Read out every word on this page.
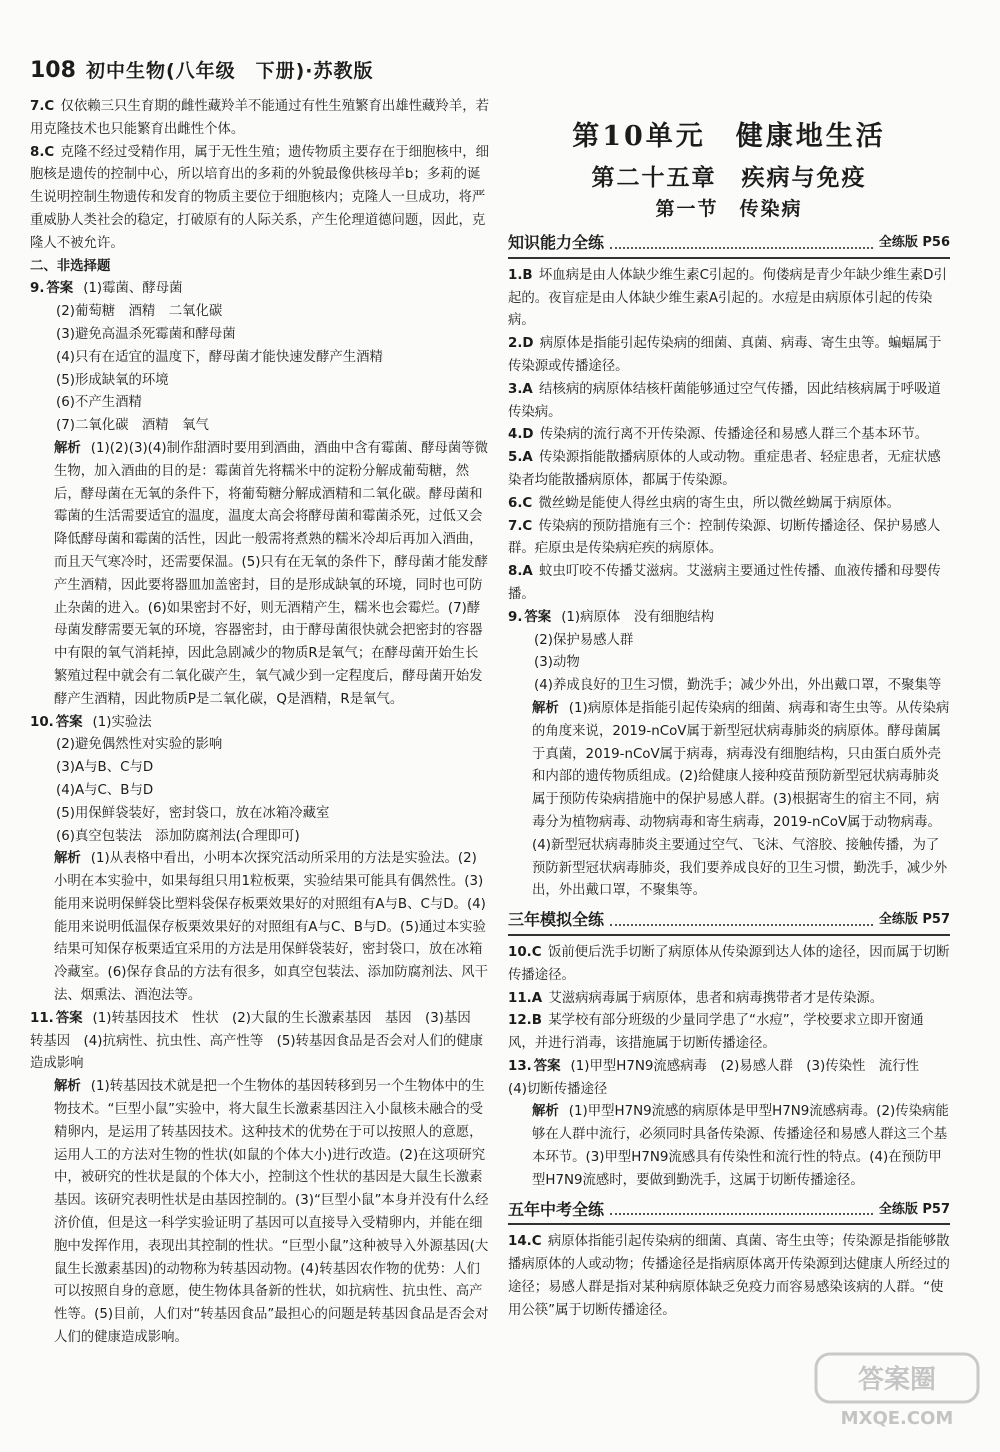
108 初中生物(八年级　下册)·苏教版

7.C 仅依赖三只生育期的雌性藏羚羊不能通过有性生殖繁育出雄性藏羚羊，若用克隆技术也只能繁育出雌性个体。

8.C 克隆不经过受精作用，属于无性生殖；遗传物质主要存在于细胞核中，细胞核是遗传的控制中心，所以培育出的多莉的外貌最像供核母羊b；多莉的诞生说明控制生物遗传和发育的物质主要位于细胞核内；克隆人一旦成功，将严重威胁人类社会的稳定，打破原有的人际关系，产生伦理道德问题，因此，克隆人不被允许。

二、非选择题

9. 答案 (1)霉菌、酵母菌

(2)葡萄糖　酒精　二氧化碳

(3)避免高温杀死霉菌和酵母菌

(4)只有在适宜的温度下，酵母菌才能快速发酵产生酒精

(5)形成缺氧的环境

(6)不产生酒精

(7)二氧化碳　酒精　氧气

解析 (1)(2)(3)(4)制作甜酒时要用到酒曲，酒曲中含有霉菌、酵母菌等微生物，加入酒曲的目的是：霉菌首先将糯米中的淀粉分解成葡萄糖，然后，酵母菌在无氧的条件下，将葡萄糖分解成酒精和二氧化碳。酵母菌和霉菌的生活需要适宜的温度，温度太高会将酵母菌和霉菌杀死，过低又会降低酵母菌和霉菌的活性，因此一般需将煮熟的糯米冷却后再加入酒曲，而且天气寒冷时，还需要保温。(5)只有在无氧的条件下，酵母菌才能发酵产生酒精，因此要将器皿加盖密封，目的是形成缺氧的环境，同时也可防止杂菌的进入。(6)如果密封不好，则无酒精产生，糯米也会霉烂。(7)酵母菌发酵需要无氧的环境，容器密封，由于酵母菌很快就会把密封的容器中有限的氧气消耗掉，因此急剧减少的物质R是氧气；在酵母菌开始生长繁殖过程中就会有二氧化碳产生，氧气减少到一定程度后，酵母菌开始发酵产生酒精，因此物质P是二氧化碳，Q是酒精，R是氧气。

10. 答案 (1)实验法

(2)避免偶然性对实验的影响

(3)A与B、C与D

(4)A与C、B与D

(5)用保鲜袋装好，密封袋口，放在冰箱冷藏室

(6)真空包装法　添加防腐剂法(合理即可)

解析 (1)从表格中看出，小明本次探究活动所采用的方法是实验法。(2)小明在本实验中，如果每组只用1粒板栗，实验结果可能具有偶然性。(3)能用来说明保鲜袋比塑料袋保存板栗效果好的对照组有A与B、C与D。(4)能用来说明低温保存板栗效果好的对照组有A与C、B与D。(5)通过本实验结果可知保存板栗适宜采用的方法是用保鲜袋装好，密封袋口，放在冰箱冷藏室。(6)保存食品的方法有很多，如真空包装法、添加防腐剂法、风干法、烟熏法、酒泡法等。

11. 答案 (1)转基因技术　性状　(2)大鼠的生长激素基因　基因　(3)基因　转基因　(4)抗病性、抗虫性、高产性等　(5)转基因食品是否会对人们的健康造成影响

解析 (1)转基因技术就是把一个生物体的基因转移到另一个生物体中的生物技术。“巨型小鼠”实验中，将大鼠生长激素基因注入小鼠核未融合的受精卵内，是运用了转基因技术。这种技术的优势在于可以按照人的意愿，运用人工的方法对生物的性状(如鼠的个体大小)进行改造。(2)在这项研究中，被研究的性状是鼠的个体大小，控制这个性状的基因是大鼠生长激素基因。该研究表明性状是由基因控制的。(3)“巨型小鼠”本身并没有什么经济价值，但是这一科学实验证明了基因可以直接导入受精卵内，并能在细胞中发挥作用，表现出其控制的性状。“巨型小鼠”这种被导入外源基因(大鼠生长激素基因)的动物称为转基因动物。(4)转基因农作物的优势：人们可以按照自身的意愿，使生物体具备新的性状，如抗病性、抗虫性、高产性等。(5)目前，人们对“转基因食品”最担心的问题是转基因食品是否会对人们的健康造成影响。

第10单元　健康地生活
第二十五章　疾病与免疫
第一节　传染病
知识能力全练	全练版 P56

1.B 坏血病是由人体缺少维生素C引起的。佝偻病是青少年缺少维生素D引起的。夜盲症是由人体缺少维生素A引起的。水痘是由病原体引起的传染病。

2.D 病原体是指能引起传染病的细菌、真菌、病毒、寄生虫等。蝙蝠属于传染源或传播途径。

3.A 结核病的病原体结核杆菌能够通过空气传播，因此结核病属于呼吸道传染病。

4.D 传染病的流行离不开传染源、传播途径和易感人群三个基本环节。

5.A 传染源指能散播病原体的人或动物。重症患者、轻症患者，无症状感染者均能散播病原体，都属于传染源。

6.C 微丝蚴是能使人得丝虫病的寄生虫，所以微丝蚴属于病原体。

7.C 传染病的预防措施有三个：控制传染源、切断传播途径、保护易感人群。疟原虫是传染病疟疾的病原体。

8.A 蚊虫叮咬不传播艾滋病。艾滋病主要通过性传播、血液传播和母婴传播。

9. 答案 (1)病原体　没有细胞结构

(2)保护易感人群

(3)动物

(4)养成良好的卫生习惯，勤洗手；减少外出，外出戴口罩，不聚集等

解析 (1)病原体是指能引起传染病的细菌、病毒和寄生虫等。从传染病的角度来说，2019-nCoV属于新型冠状病毒肺炎的病原体。酵母菌属于真菌，2019-nCoV属于病毒，病毒没有细胞结构，只由蛋白质外壳和内部的遗传物质组成。(2)给健康人接种疫苗预防新型冠状病毒肺炎属于预防传染病措施中的保护易感人群。(3)根据寄生的宿主不同，病毒分为植物病毒、动物病毒和寄生病毒，2019-nCoV属于动物病毒。(4)新型冠状病毒肺炎主要通过空气、飞沫、气溶胶、接触传播，为了预防新型冠状病毒肺炎，我们要养成良好的卫生习惯，勤洗手，减少外出，外出戴口罩，不聚集等。

三年模拟全练	全练版 P57

10.C 饭前便后洗手切断了病原体从传染源到达人体的途径，因而属于切断传播途径。

11.A 艾滋病病毒属于病原体，患者和病毒携带者才是传染源。

12.B 某学校有部分班级的少量同学患了“水痘”，学校要求立即开窗通风，并进行消毒，该措施属于切断传播途径。

13. 答案 (1)甲型H7N9流感病毒　(2)易感人群　(3)传染性　流行性　(4)切断传播途径

解析 (1)甲型H7N9流感的病原体是甲型H7N9流感病毒。(2)传染病能够在人群中流行，必须同时具备传染源、传播途径和易感人群这三个基本环节。(3)甲型H7N9流感具有传染性和流行性的特点。(4)在预防甲型H7N9流感时，要做到勤洗手，这属于切断传播途径。

五年中考全练	全练版 P57

14.C 病原体指能引起传染病的细菌、真菌、寄生虫等；传染源是指能够散播病原体的人或动物；传播途径是指病原体离开传染源到达健康人所经过的途径；易感人群是指对某种病原体缺乏免疫力而容易感染该病的人群。“使用公筷”属于切断传播途径。

答案圈
MXQE.COM
